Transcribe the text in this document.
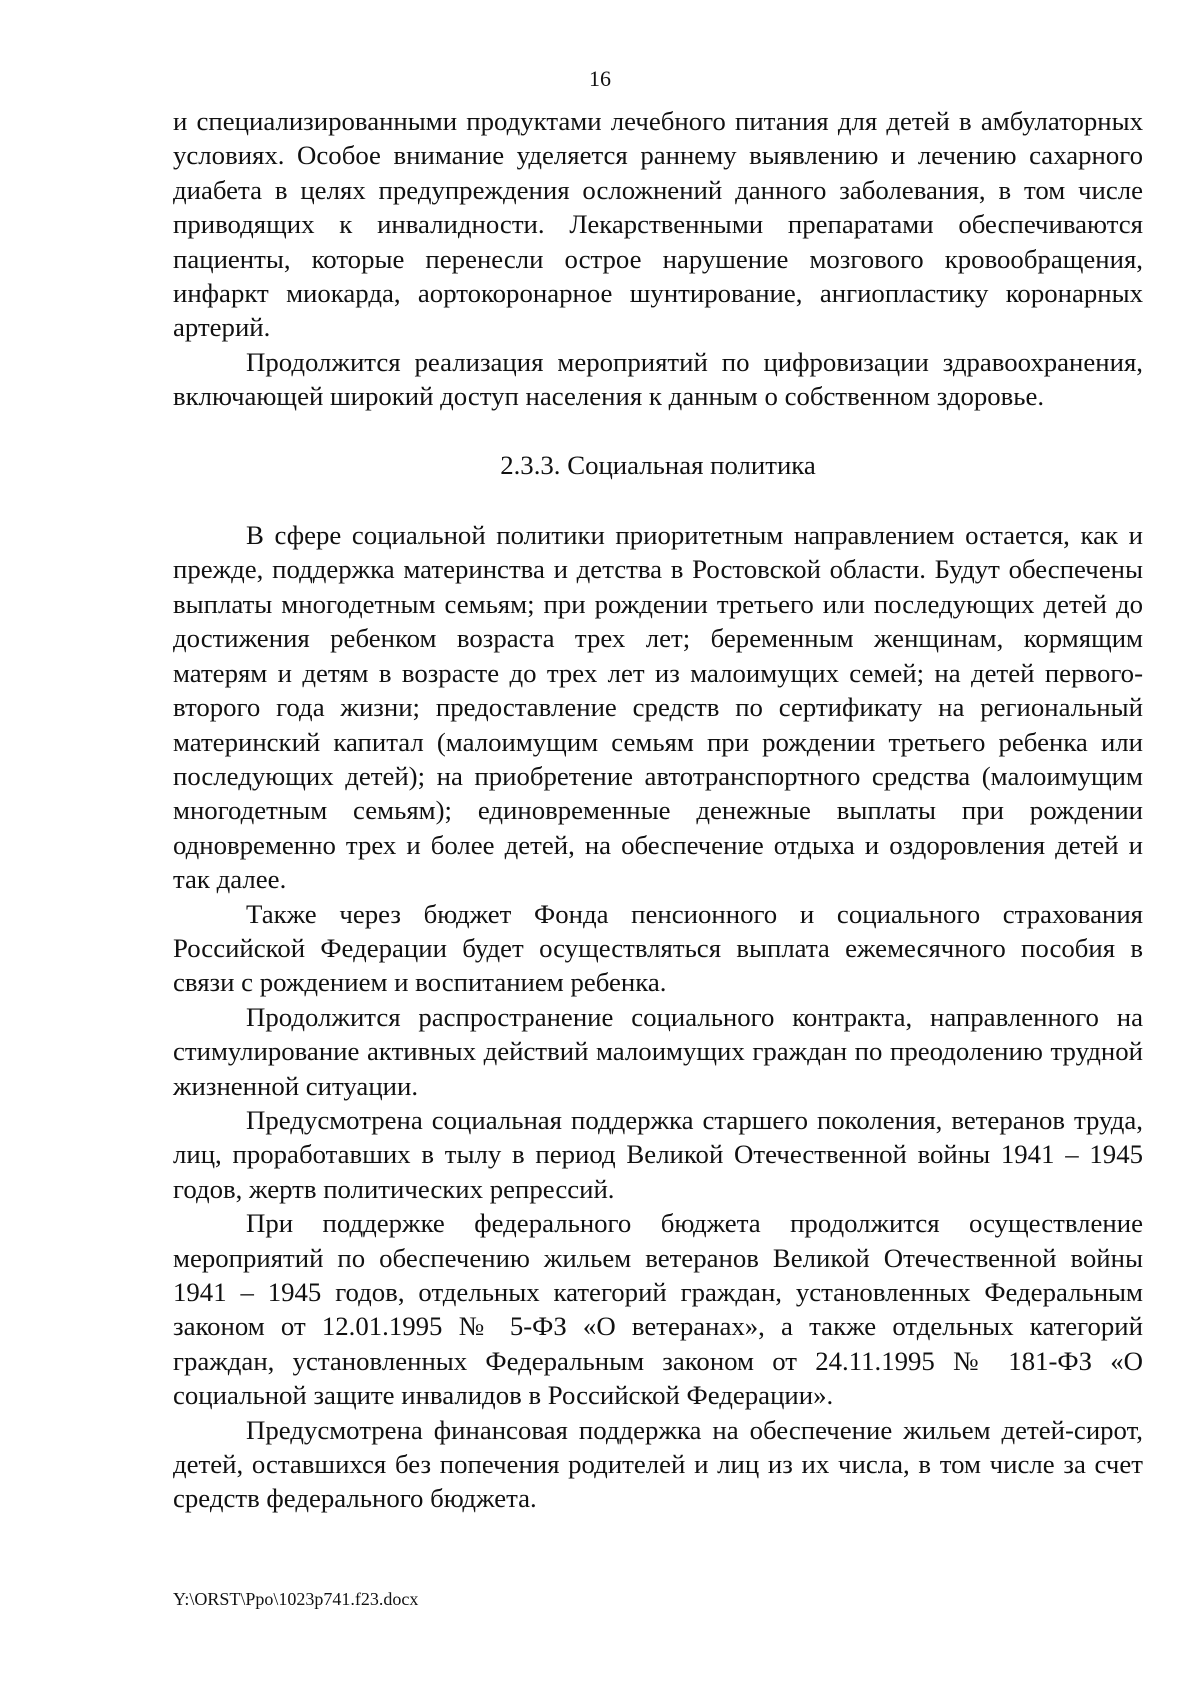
16

и специализированными продуктами лечебного питания для детей в амбулаторных условиях. Особое внимание уделяется раннему выявлению и лечению сахарного диабета в целях предупреждения осложнений данного заболевания, в том числе приводящих к инвалидности. Лекарственными препаратами обеспечиваются пациенты, которые перенесли острое нарушение мозгового кровообращения, инфаркт миокарда, аортокоронарное шунтирование, ангиопластику коронарных артерий.

Продолжится реализация мероприятий по цифровизации здравоохранения, включающей широкий доступ населения к данным о собственном здоровье.

2.3.3. Социальная политика

В сфере социальной политики приоритетным направлением остается, как и прежде, поддержка материнства и детства в Ростовской области. Будут обеспечены выплаты многодетным семьям; при рождении третьего или последующих детей до достижения ребенком возраста трех лет; беременным женщинам, кормящим матерям и детям в возрасте до трех лет из малоимущих семей; на детей первого-второго года жизни; предоставление средств по сертификату на региональный материнский капитал (малоимущим семьям при рождении третьего ребенка или последующих детей); на приобретение автотранспортного средства (малоимущим многодетным семьям); единовременные денежные выплаты при рождении одновременно трех и более детей, на обеспечение отдыха и оздоровления детей и так далее.

Также через бюджет Фонда пенсионного и социального страхования Российской Федерации будет осуществляться выплата ежемесячного пособия в связи с рождением и воспитанием ребенка.

Продолжится распространение социального контракта, направленного на стимулирование активных действий малоимущих граждан по преодолению трудной жизненной ситуации.

Предусмотрена социальная поддержка старшего поколения, ветеранов труда, лиц, проработавших в тылу в период Великой Отечественной войны 1941 – 1945 годов, жертв политических репрессий.

При поддержке федерального бюджета продолжится осуществление мероприятий по обеспечению жильем ветеранов Великой Отечественной войны 1941 – 1945 годов, отдельных категорий граждан, установленных Федеральным законом от 12.01.1995 № 5-ФЗ «О ветеранах», а также отдельных категорий граждан, установленных Федеральным законом от 24.11.1995 № 181-ФЗ «О социальной защите инвалидов в Российской Федерации».

Предусмотрена финансовая поддержка на обеспечение жильем детей-сирот, детей, оставшихся без попечения родителей и лиц из их числа, в том числе за счет средств федерального бюджета.

Y:\ORST\Ppo\1023p741.f23.docx
